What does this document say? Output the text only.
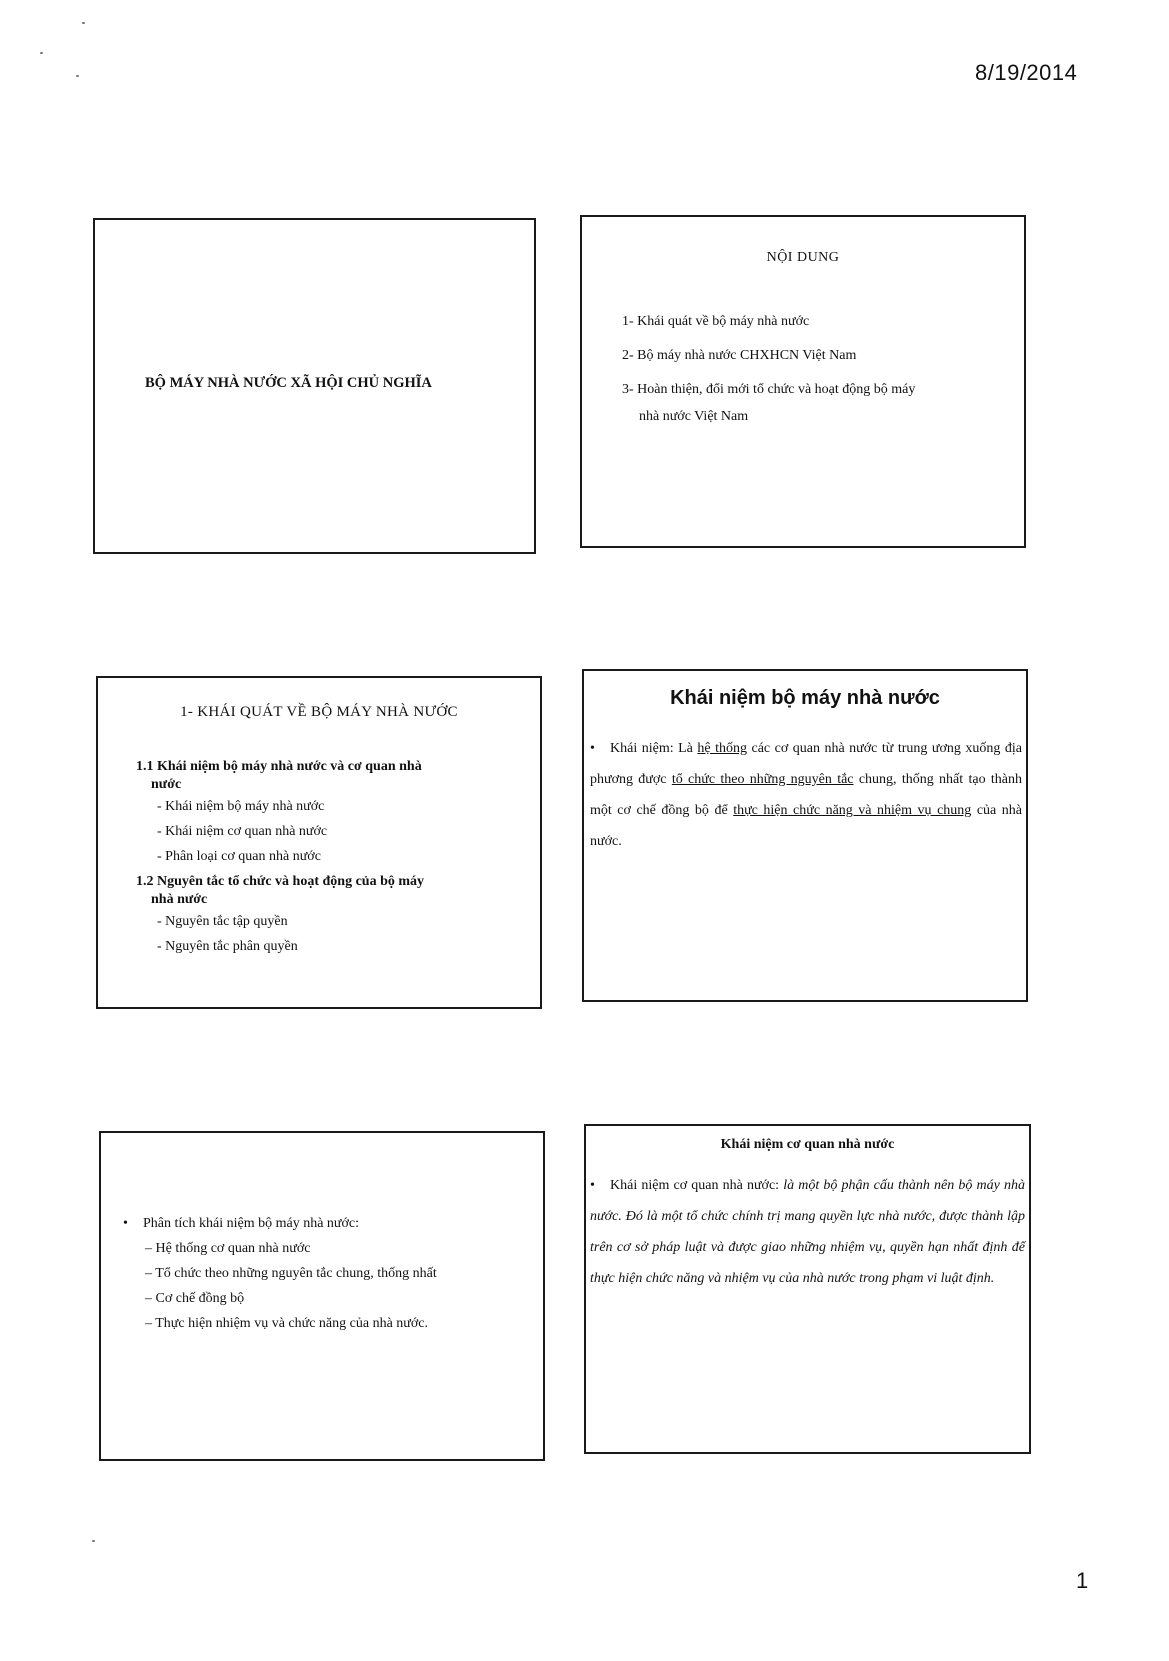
8/19/2014
BỘ MÁY NHÀ NƯỚC XÃ HỘI CHỦ NGHĨA
NỘI DUNG
1- Khái quát về bộ máy nhà nước
2- Bộ máy nhà nước CHXHCN Việt Nam
3- Hoàn thiện, đổi mới tổ chức và hoạt động bộ máy
nhà nước Việt Nam
1- KHÁI QUÁT VỀ BỘ MÁY NHÀ NƯỚC
1.1 Khái niệm bộ máy nhà nước và cơ quan nhà
nước
- Khái niệm bộ máy nhà nước
- Khái niệm cơ quan nhà nước
- Phân loại cơ quan nhà nước
1.2 Nguyên tắc tổ chức và hoạt động của bộ máy
nhà nước
- Nguyên tắc tập quyền
- Nguyên tắc phân quyền
Khái niệm bộ máy nhà nước
• Khái niệm: Là hệ thống các cơ quan nhà nước từ trung ương xuống địa phương được tổ chức theo những nguyên tắc chung, thống nhất tạo thành một cơ chế đồng bộ để thực hiện chức năng và nhiệm vụ chung của nhà nước.
• Phân tích khái niệm bộ máy nhà nước:
– Hệ thống cơ quan nhà nước
– Tổ chức theo những nguyên tắc chung, thống nhất
– Cơ chế đồng bộ
– Thực hiện nhiệm vụ và chức năng của nhà nước.
Khái niệm cơ quan nhà nước
• Khái niệm cơ quan nhà nước: là một bộ phận cấu thành nên bộ máy nhà nước. Đó là một tổ chức chính trị mang quyền lực nhà nước, được thành lập trên cơ sở pháp luật và được giao những nhiệm vụ, quyền hạn nhất định để thực hiện chức năng và nhiệm vụ của nhà nước trong phạm vi luật định.
1
